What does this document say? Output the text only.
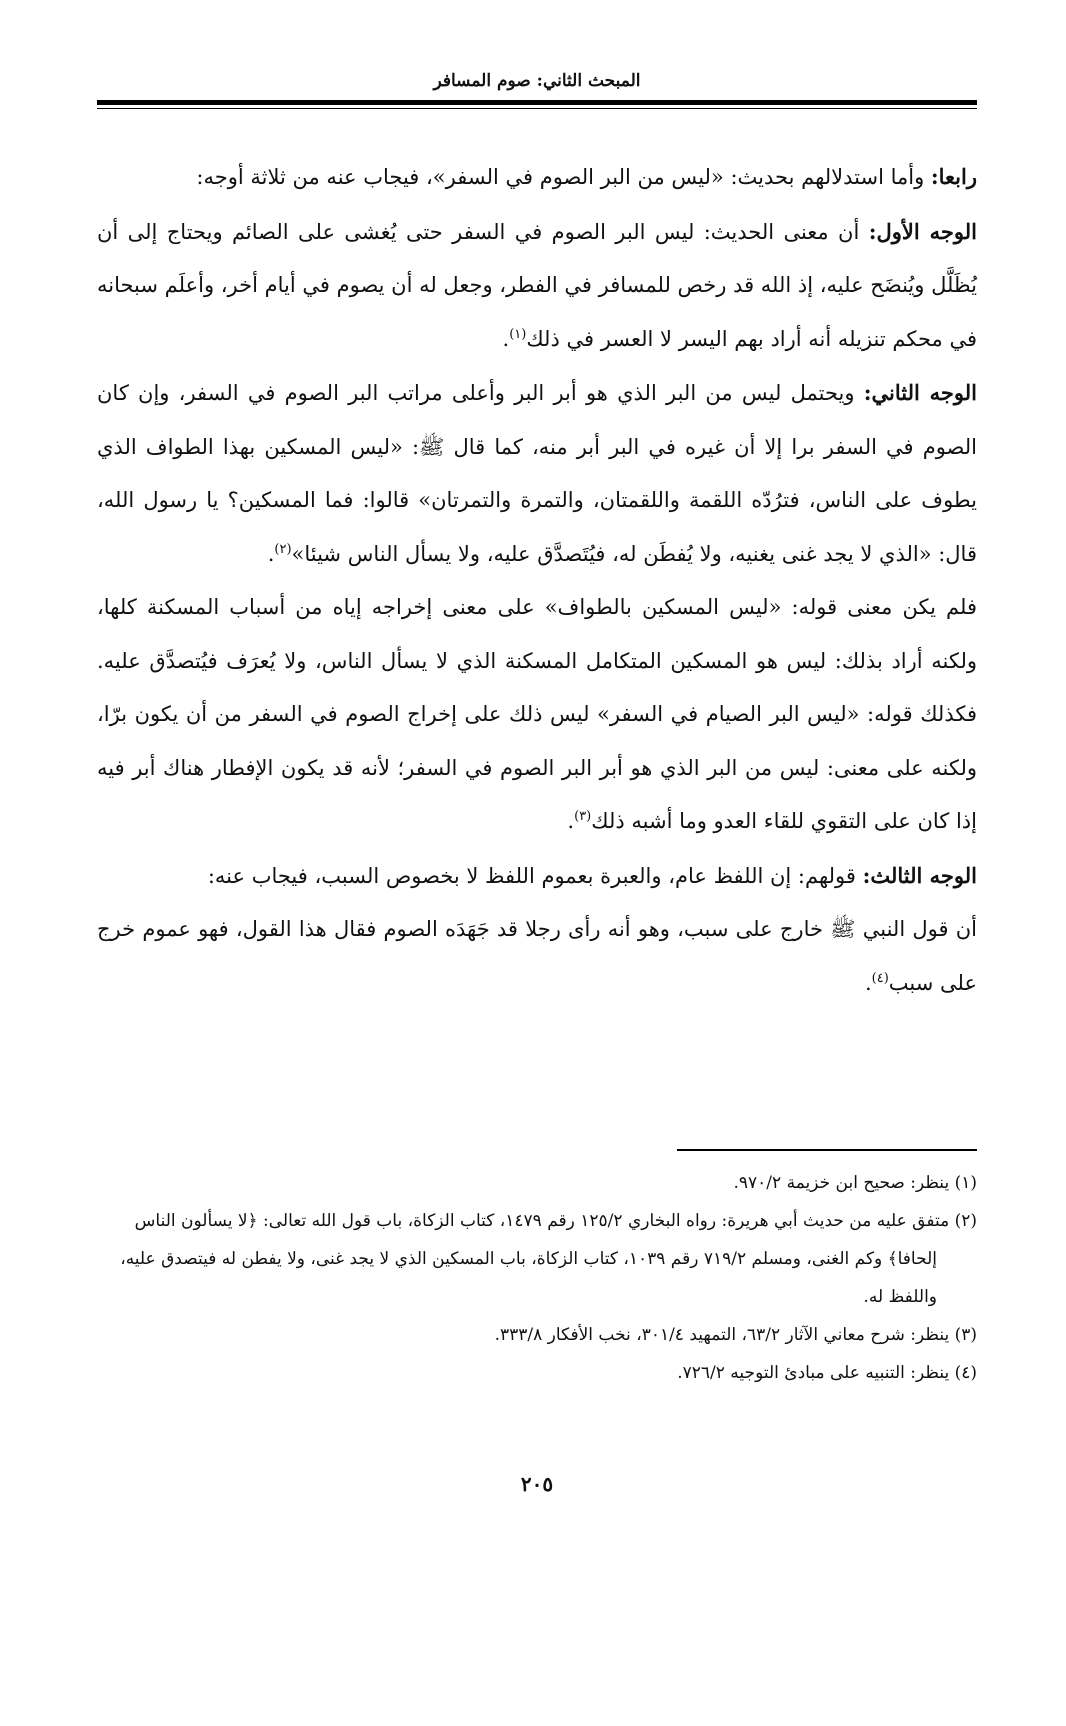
المبحث الثاني: صوم المسافر

رابعا: وأما استدلالهم بحديث: «ليس من البر الصوم في السفر»، فيجاب عنه من ثلاثة أوجه:

الوجه الأول: أن معنى الحديث: ليس البر الصوم في السفر حتى يُغشى على الصائم ويحتاج إلى أن يُظَلَّل ويُنضَح عليه، إذ الله قد رخص للمسافر في الفطر، وجعل له أن يصوم في أيام أخر، وأعلَم سبحانه في محكم تنزيله أنه أراد بهم اليسر لا العسر في ذلك$^{(١)}$.

الوجه الثاني: ويحتمل ليس من البر الذي هو أبر البر وأعلى مراتب البر الصوم في السفر، وإن كان الصوم في السفر برا إلا أن غيره في البر أبر منه، كما قال ﷺ: «ليس المسكين بهذا الطواف الذي يطوف على الناس، فترُدّه اللقمة واللقمتان، والتمرة والتمرتان» قالوا: فما المسكين؟ يا رسول الله، قال: «الذي لا يجد غنى يغنيه، ولا يُفطَن له، فيُتَصدَّق عليه، ولا يسأل الناس شيئا»$^{(٢)}$.

فلم يكن معنى قوله: «ليس المسكين بالطواف» على معنى إخراجه إياه من أسباب المسكنة كلها، ولكنه أراد بذلك: ليس هو المسكين المتكامل المسكنة الذي لا يسأل الناس، ولا يُعرَف فيُتصدَّق عليه. فكذلك قوله: «ليس البر الصيام في السفر» ليس ذلك على إخراج الصوم في السفر من أن يكون برّا، ولكنه على معنى: ليس من البر الذي هو أبر البر الصوم في السفر؛ لأنه قد يكون الإفطار هناك أبر فيه إذا كان على التقوي للقاء العدو وما أشبه ذلك$^{(٣)}$.

الوجه الثالث: قولهم: إن اللفظ عام، والعبرة بعموم اللفظ لا بخصوص السبب، فيجاب عنه:

أن قول النبي ﷺ خارج على سبب، وهو أنه رأى رجلا قد جَهَدَه الصوم فقال هذا القول، فهو عموم خرج على سبب$^{(٤)}$.

(١) ينظر: صحيح ابن خزيمة ٩٧٠/٢.

(٢) متفق عليه من حديث أبي هريرة: رواه البخاري ١٢٥/٢ رقم ١٤٧٩، كتاب الزكاة، باب قول الله تعالى: ﴿لا يسألون الناس إلحافا﴾ وكم الغنى، ومسلم ٧١٩/٢ رقم ١٠٣٩، كتاب الزكاة، باب المسكين الذي لا يجد غنى، ولا يفطن له فيتصدق عليه، واللفظ له.

(٣) ينظر: شرح معاني الآثار ٦٣/٢، التمهيد ٣٠١/٤، نخب الأفكار ٣٣٣/٨.

(٤) ينظر: التنبيه على مبادئ التوجيه ٧٢٦/٢.

٢٠٥
